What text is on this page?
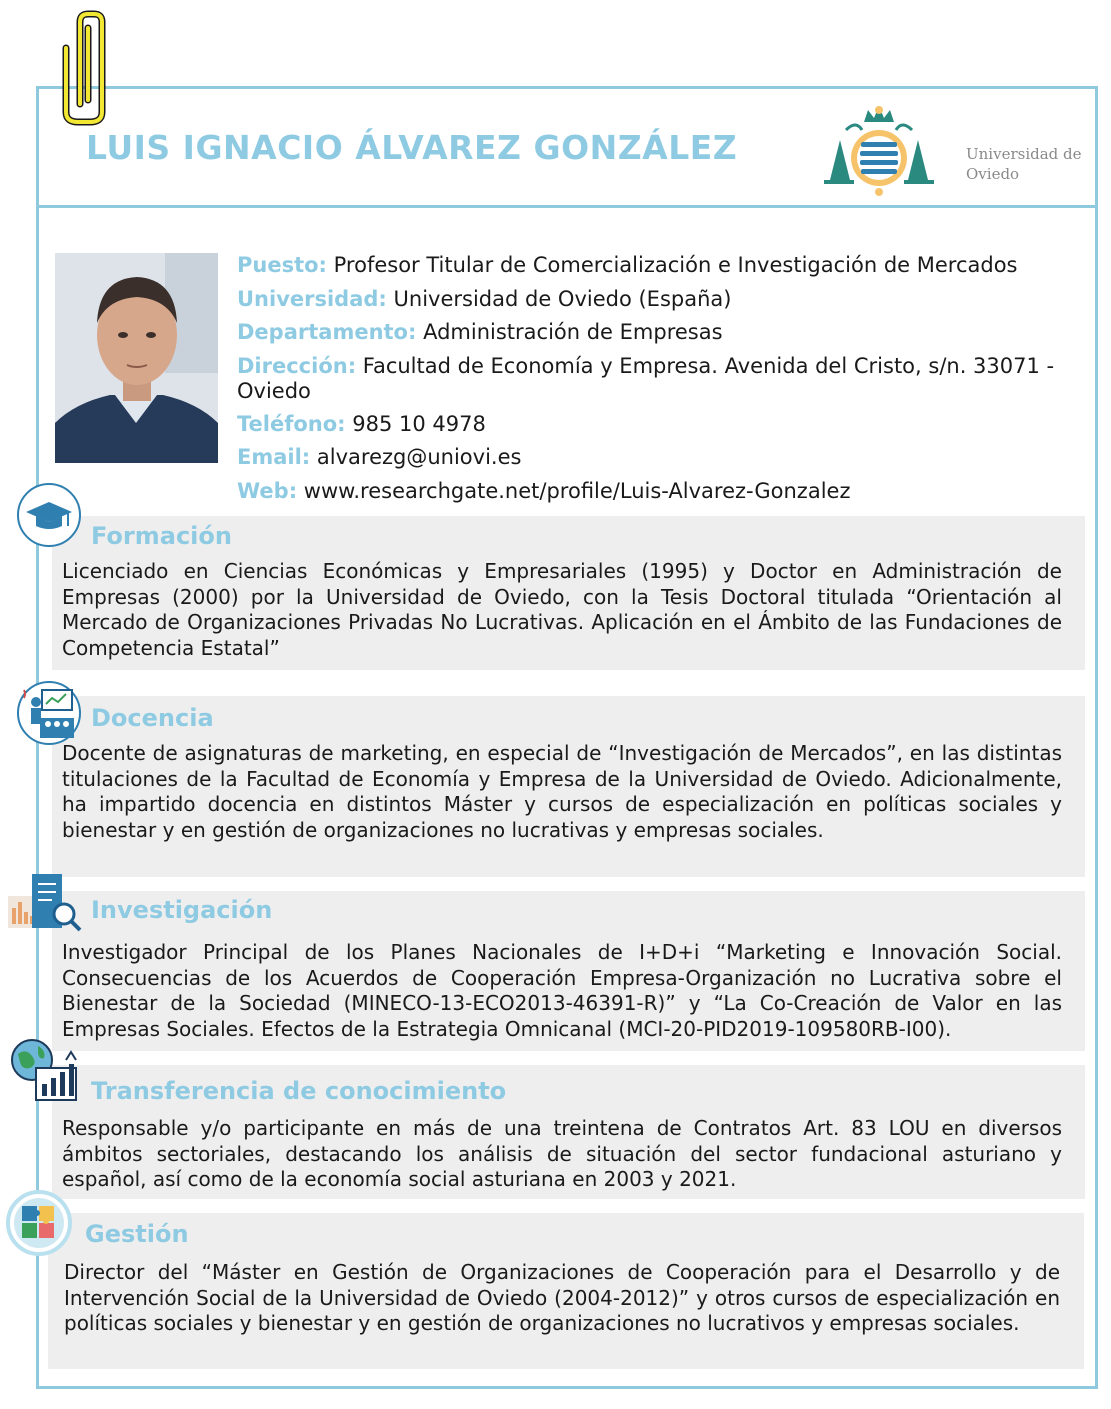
LUIS IGNACIO ÁLVAREZ GONZÁLEZ	Universidad de Oviedo
Puesto: Profesor Titular de Comercialización e Investigación de Mercados
Universidad: Universidad de Oviedo (España)
Departamento: Administración de Empresas
Dirección: Facultad de Economía y Empresa. Avenida del Cristo, s/n. 33071 - Oviedo
Teléfono: 985 10 4978
Email: alvarezg@uniovi.es
Web: www.researchgate.net/profile/Luis-Alvarez-Gonzalez
Formación
Licenciado en Ciencias Económicas y Empresariales (1995) y Doctor en Administración de Empresas (2000) por la Universidad de Oviedo, con la Tesis Doctoral titulada “Orientación al Mercado de Organizaciones Privadas No Lucrativas. Aplicación en el Ámbito de las Fundaciones de Competencia Estatal”
Docencia
Docente de asignaturas de marketing, en especial de “Investigación de Mercados”, en las distintas titulaciones de la Facultad de Economía y Empresa de la Universidad de Oviedo. Adicionalmente, ha impartido docencia en distintos Máster y cursos de especialización en políticas sociales y bienestar y en gestión de organizaciones no lucrativas y empresas sociales.
Investigación
Investigador Principal de los Planes Nacionales de I+D+i “Marketing e Innovación Social. Consecuencias de los Acuerdos de Cooperación Empresa-Organización no Lucrativa sobre el Bienestar de la Sociedad (MINECO-13-ECO2013-46391-R)” y “La Co-Creación de Valor en las Empresas Sociales. Efectos de la Estrategia Omnicanal (MCI-20-PID2019-109580RB-I00).
Transferencia de conocimiento
Responsable y/o participante en más de una treintena de Contratos Art. 83 LOU en diversos ámbitos sectoriales, destacando los análisis de situación del sector fundacional asturiano y español, así como de la economía social asturiana en 2003 y 2021.
Gestión
Director del “Máster en Gestión de Organizaciones de Cooperación para el Desarrollo y de Intervención Social de la Universidad de Oviedo (2004-2012)” y otros cursos de especialización en políticas sociales y bienestar y en gestión de organizaciones no lucrativos y empresas sociales.
